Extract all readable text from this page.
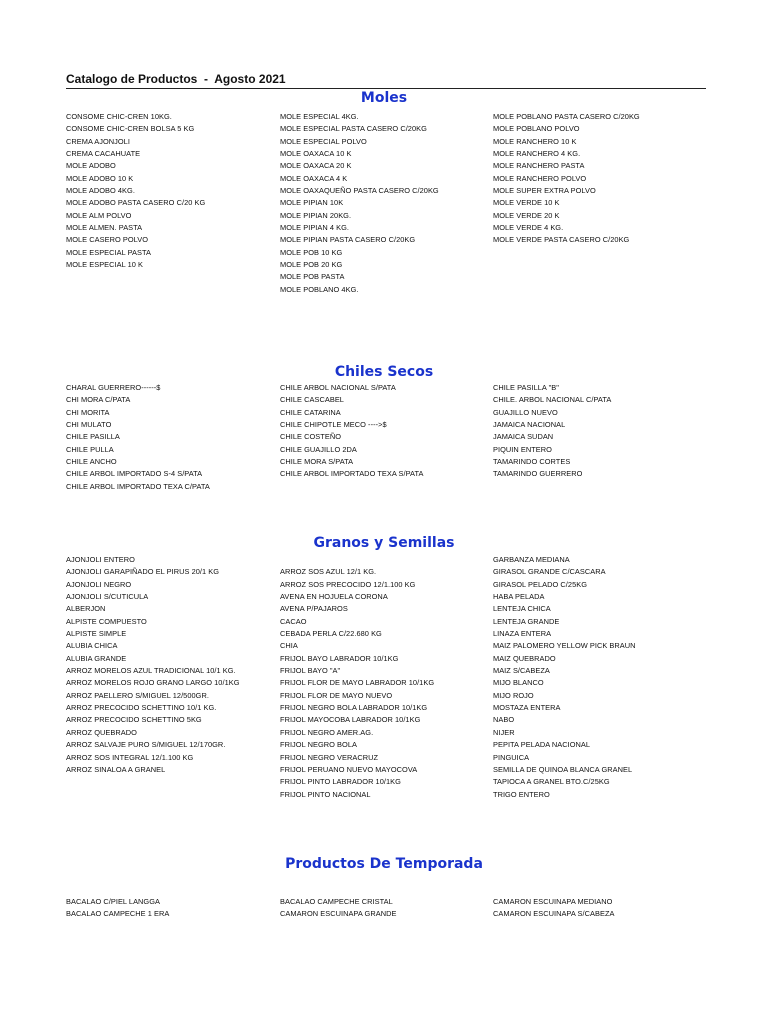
Catalogo de Productos  -  Agosto 2021
Moles
CONSOME CHIC-CREN 10KG.
CONSOME CHIC-CREN BOLSA 5 KG
CREMA AJONJOLI
CREMA CACAHUATE
MOLE ADOBO
MOLE ADOBO 10 K
MOLE ADOBO 4KG.
MOLE ADOBO PASTA CASERO C/20 KG
MOLE ALM POLVO
MOLE ALMEN. PASTA
MOLE CASERO POLVO
MOLE ESPECIAL PASTA
MOLE ESPECIAL 10 K
MOLE ESPECIAL 4KG.
MOLE ESPECIAL PASTA CASERO C/20KG
MOLE ESPECIAL POLVO
MOLE OAXACA 10 K
MOLE OAXACA 20 K
MOLE OAXACA 4 K
MOLE OAXAQUEÑO PASTA CASERO C/20KG
MOLE PIPIAN 10K
MOLE PIPIAN 20KG.
MOLE PIPIAN 4 KG.
MOLE PIPIAN PASTA CASERO C/20KG
MOLE POB 10 KG
MOLE POB 20 KG
MOLE POB PASTA
MOLE POBLANO 4KG.
MOLE POBLANO PASTA CASERO C/20KG
MOLE POBLANO POLVO
MOLE RANCHERO 10 K
MOLE RANCHERO 4 KG.
MOLE RANCHERO PASTA
MOLE RANCHERO POLVO
MOLE SUPER EXTRA POLVO
MOLE VERDE 10 K
MOLE VERDE 20 K
MOLE VERDE 4 KG.
MOLE VERDE PASTA CASERO C/20KG
Chiles Secos
CHARAL GUERRERO------$
CHI MORA C/PATA
CHI MORITA
CHI MULATO
CHILE PASILLA
CHILE PULLA
CHILE ANCHO
CHILE ARBOL IMPORTADO S-4 S/PATA
CHILE ARBOL IMPORTADO TEXA C/PATA
CHILE ARBOL NACIONAL S/PATA
CHILE CASCABEL
CHILE CATARINA
CHILE CHIPOTLE MECO ---->$
CHILE COSTEÑO
CHILE GUAJILLO 2DA
CHILE MORA S/PATA
CHILE ARBOL IMPORTADO TEXA S/PATA
CHILE PASILLA "B"
CHILE. ARBOL NACIONAL C/PATA
GUAJILLO NUEVO
JAMAICA NACIONAL
JAMAICA SUDAN
PIQUIN ENTERO
TAMARINDO CORTES
TAMARINDO GUERRERO
Granos y Semillas
AJONJOLI ENTERO
AJONJOLI GARAPIÑADO EL PIRUS 20/1 KG
AJONJOLI NEGRO
AJONJOLI S/CUTICULA
ALBERJON
ALPISTE COMPUESTO
ALPISTE SIMPLE
ALUBIA CHICA
ALUBIA GRANDE
ARROZ MORELOS AZUL TRADICIONAL 10/1 KG.
ARROZ MORELOS ROJO GRANO LARGO 10/1KG
ARROZ PAELLERO S/MIGUEL 12/500GR.
ARROZ PRECOCIDO SCHETTINO 10/1 KG.
ARROZ PRECOCIDO SCHETTINO 5KG
ARROZ QUEBRADO
ARROZ SALVAJE PURO S/MIGUEL 12/170GR.
ARROZ SOS INTEGRAL 12/1.100 KG
ARROZ SINALOA A GRANEL
ARROZ SOS AZUL 12/1 KG.
ARROZ SOS PRECOCIDO 12/1.100 KG
AVENA EN HOJUELA CORONA
AVENA P/PAJAROS
CACAO
CEBADA PERLA C/22.680 KG
CHIA
FRIJOL BAYO LABRADOR 10/1KG
FRIJOL BAYO "A"
FRIJOL FLOR DE MAYO LABRADOR 10/1KG
FRIJOL FLOR DE MAYO NUEVO
FRIJOL NEGRO BOLA LABRADOR 10/1KG
FRIJOL MAYOCOBA LABRADOR 10/1KG
FRIJOL NEGRO AMER.AG.
FRIJOL NEGRO BOLA
FRIJOL NEGRO VERACRUZ
FRIJOL PERUANO NUEVO MAYOCOVA
FRIJOL PINTO LABRADOR 10/1KG
FRIJOL PINTO NACIONAL
GARBANZA MEDIANA
GIRASOL GRANDE C/CASCARA
GIRASOL PELADO C/25KG
HABA PELADA
LENTEJA CHICA
LENTEJA GRANDE
LINAZA ENTERA
MAIZ PALOMERO YELLOW PICK BRAUN
MAIZ QUEBRADO
MAIZ S/CABEZA
MIJO BLANCO
MIJO ROJO
MOSTAZA ENTERA
NABO
NIJER
PEPITA PELADA NACIONAL
PINGUICA
SEMILLA DE QUINOA BLANCA GRANEL
TAPIOCA A GRANEL BTO.C/25KG
TRIGO ENTERO
Productos De Temporada
BACALAO C/PIEL LANGGA
BACALAO CAMPECHE 1 ERA
BACALAO CAMPECHE CRISTAL
CAMARON ESCUINAPA GRANDE
CAMARON ESCUINAPA MEDIANO
CAMARON ESCUINAPA S/CABEZA
